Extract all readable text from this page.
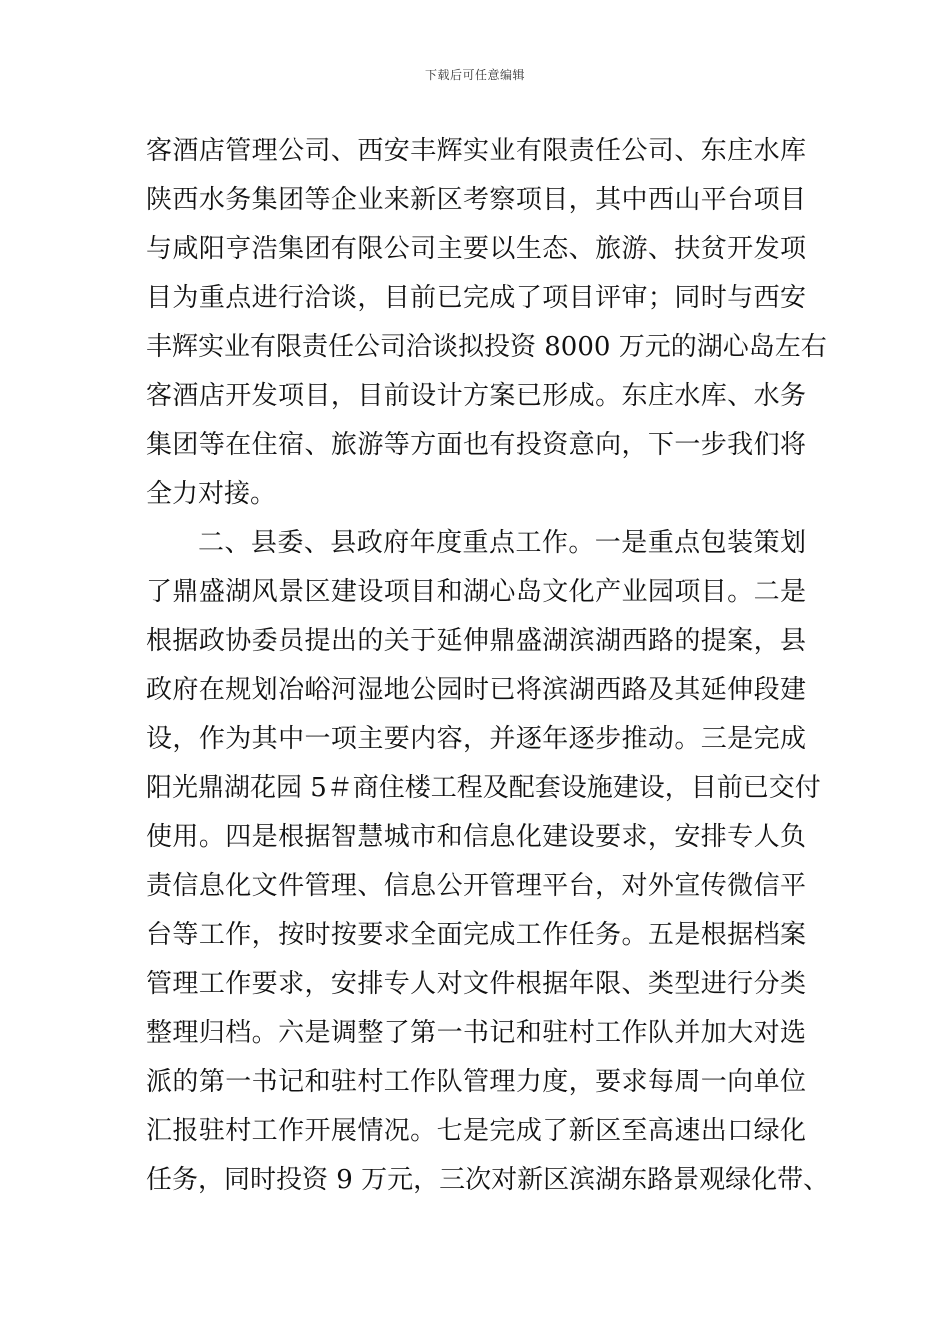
下载后可任意编辑
客酒店管理公司、西安丰辉实业有限责任公司、东庄水库
陕西水务集团等企业来新区考察项目，其中西山平台项目
与咸阳亨浩集团有限公司主要以生态、旅游、扶贫开发项
目为重点进行洽谈，目前已完成了项目评审；同时与西安
丰辉实业有限责任公司洽谈拟投资 8000 万元的湖心岛左右
客酒店开发项目，目前设计方案已形成。东庄水库、水务
集团等在住宿、旅游等方面也有投资意向，下一步我们将
全力对接。
二、县委、县政府年度重点工作。一是重点包装策划
了鼎盛湖风景区建设项目和湖心岛文化产业园项目。二是
根据政协委员提出的关于延伸鼎盛湖滨湖西路的提案，县
政府在规划冶峪河湿地公园时已将滨湖西路及其延伸段建
设，作为其中一项主要内容，并逐年逐步推动。三是完成
阳光鼎湖花园 5＃商住楼工程及配套设施建设，目前已交付
使用。四是根据智慧城市和信息化建设要求，安排专人负
责信息化文件管理、信息公开管理平台，对外宣传微信平
台等工作，按时按要求全面完成工作任务。五是根据档案
管理工作要求，安排专人对文件根据年限、类型进行分类
整理归档。六是调整了第一书记和驻村工作队并加大对选
派的第一书记和驻村工作队管理力度，要求每周一向单位
汇报驻村工作开展情况。七是完成了新区至高速出口绿化
任务，同时投资 9 万元，三次对新区滨湖东路景观绿化带、
